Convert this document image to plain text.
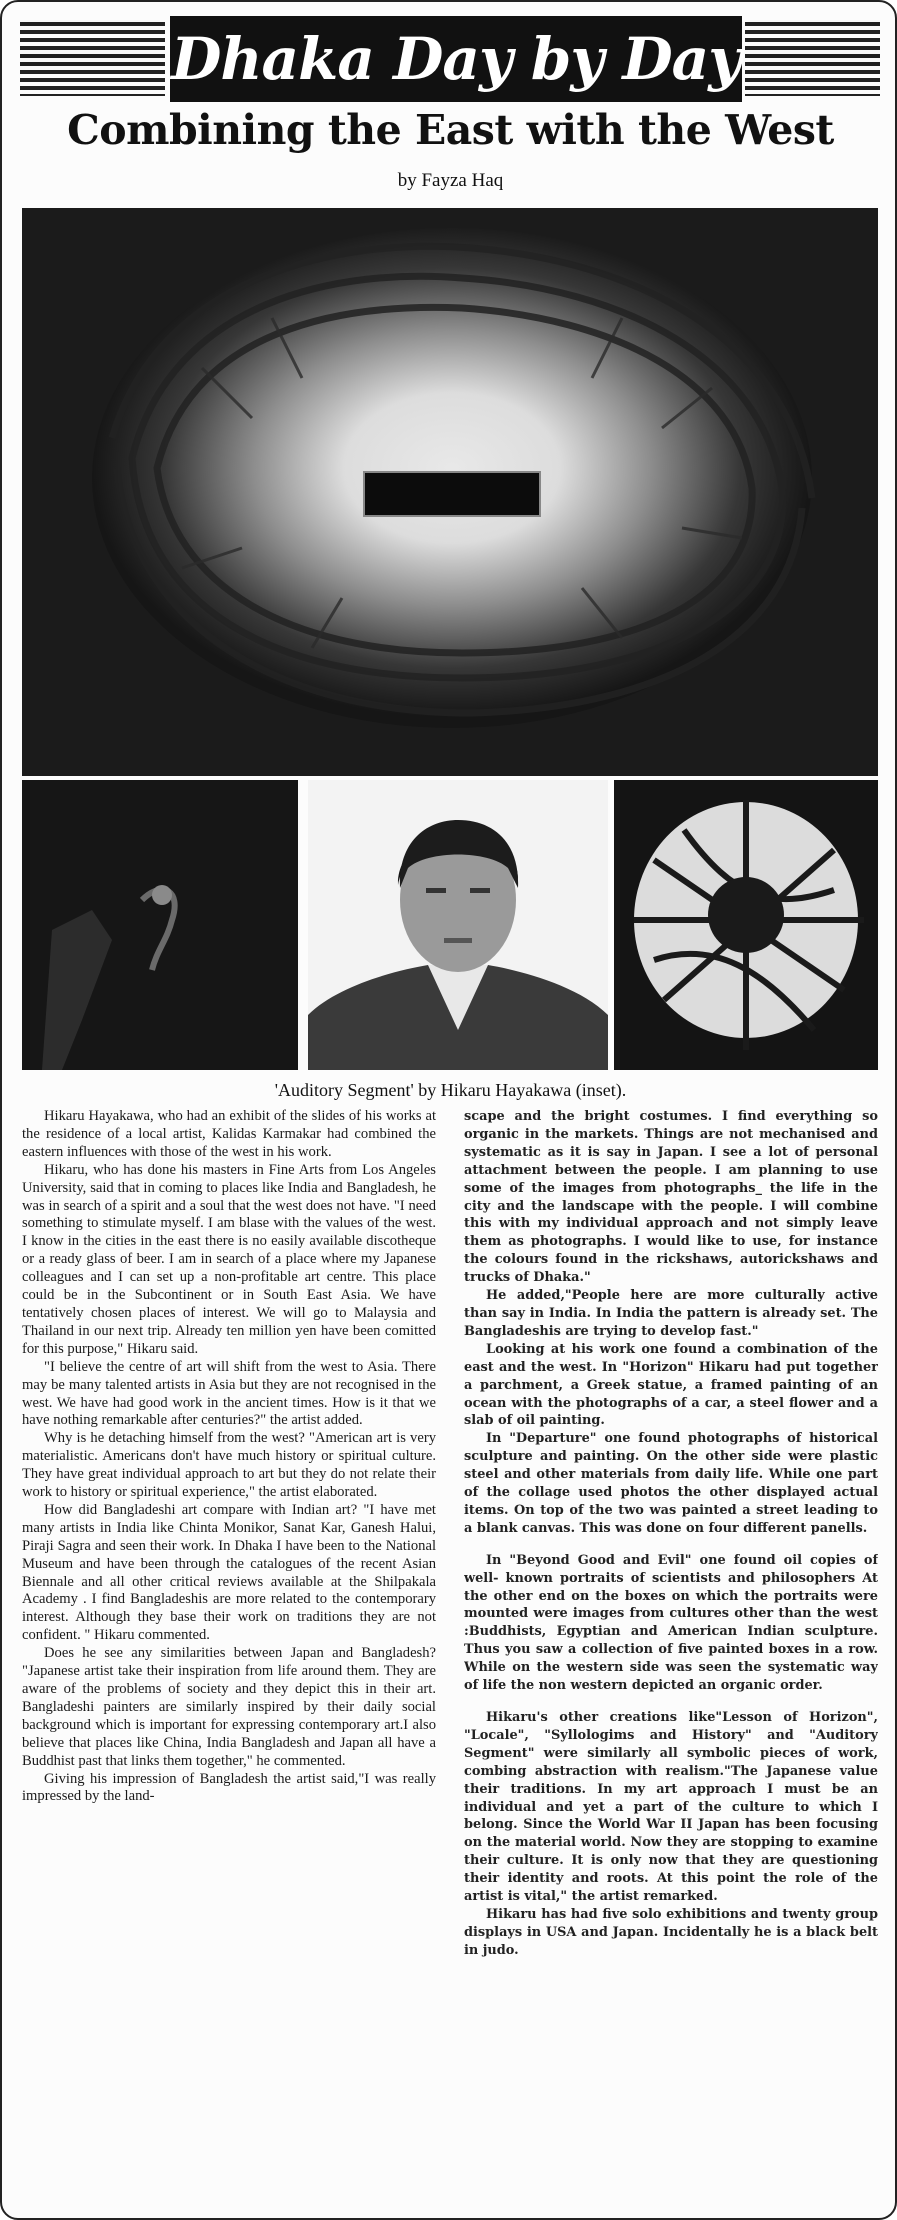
Dhaka Day by Day
Combining the East with the West
by Fayza Haq
'Auditory Segment' by Hikaru Hayakawa (inset).

Hikaru Hayakawa, who had an exhibit of the slides of his works at the residence of a local artist, Kalidas Karmakar had combined the eastern influences with those of the west in his work.

Hikaru, who has done his masters in Fine Arts from Los Angeles University, said that in coming to places like India and Bangladesh, he was in search of a spirit and a soul that the west does not have. "I need something to stimulate myself. I am blase with the values of the west. I know in the cities in the east there is no easily available discotheque or a ready glass of beer. I am in search of a place where my Japanese colleagues and I can set up a non-profitable art centre. This place could be in the Subcontinent or in South East Asia. We have tentatively chosen places of interest. We will go to Malaysia and Thailand in our next trip. Already ten million yen have been comitted for this purpose," Hikaru said.

"I believe the centre of art will shift from the west to Asia. There may be many talented artists in Asia but they are not recognised in the west. We have had good work in the ancient times. How is it that we have nothing remarkable after centuries?" the artist added.

Why is he detaching himself from the west? "American art is very materialistic. Americans don't have much history or spiritual culture. They have great individual approach to art but they do not relate their work to history or spiritual experience," the artist elaborated.

How did Bangladeshi art compare with Indian art? "I have met many artists in India like Chinta Monikor, Sanat Kar, Ganesh Halui, Piraji Sagra and seen their work. In Dhaka I have been to the National Museum and have been through the catalogues of the recent Asian Biennale and all other critical reviews available at the Shilpakala Academy . I find Bangladeshis are more related to the contemporary interest. Although they base their work on traditions they are not confident. " Hikaru commented.

Does he see any similarities between Japan and Bangladesh? "Japanese artist take their inspiration from life around them. They are aware of the problems of society and they depict this in their art. Bangladeshi painters are similarly inspired by their daily social background which is important for expressing contemporary art.I also believe that places like China, India Bangladesh and Japan all have a Buddhist past that links them together," he commented.

Giving his impression of Bangladesh the artist said,"I was really impressed by the land-

scape and the bright costumes. I find everything so organic in the markets. Things are not mechanised and systematic as it is say in Japan. I see a lot of personal attachment between the people. I am planning to use some of the images from photographs_ the life in the city and the landscape with the people. I will combine this with my individual approach and not simply leave them as photographs. I would like to use, for instance the colours found in the rickshaws, autorickshaws and trucks of Dhaka."

He added,"People here are more culturally active than say in India. In India the pattern is already set. The Bangladeshis are trying to develop fast."

Looking at his work one found a combination of the east and the west. In "Horizon" Hikaru had put together a parchment, a Greek statue, a framed painting of an ocean with the photographs of a car, a steel flower and a slab of oil painting.

In "Departure" one found photographs of historical sculpture and painting. On the other side were plastic steel and other materials from daily life. While one part of the collage used photos the other displayed actual items. On top of the two was painted a street leading to a blank canvas. This was done on four different panells.

In "Beyond Good and Evil" one found oil copies of well- known portraits of scientists and philosophers At the other end on the boxes on which the portraits were mounted were images from cultures other than the west :Buddhists, Egyptian and American Indian sculpture. Thus you saw a collection of five painted boxes in a row. While on the western side was seen the systematic way of life the non western depicted an organic order.

Hikaru's other creations like"Lesson of Horizon", "Locale", "Syllologims and History" and "Auditory Segment" were similarly all symbolic pieces of work, combing abstraction with realism."The Japanese value their traditions. In my art approach I must be an individual and yet a part of the culture to which I belong. Since the World War II Japan has been focusing on the material world. Now they are stopping to examine their culture. It is only now that they are questioning their identity and roots. At this point the role of the artist is vital," the artist remarked.

Hikaru has had five solo exhibitions and twenty group displays in USA and Japan. Incidentally he is a black belt in judo.
